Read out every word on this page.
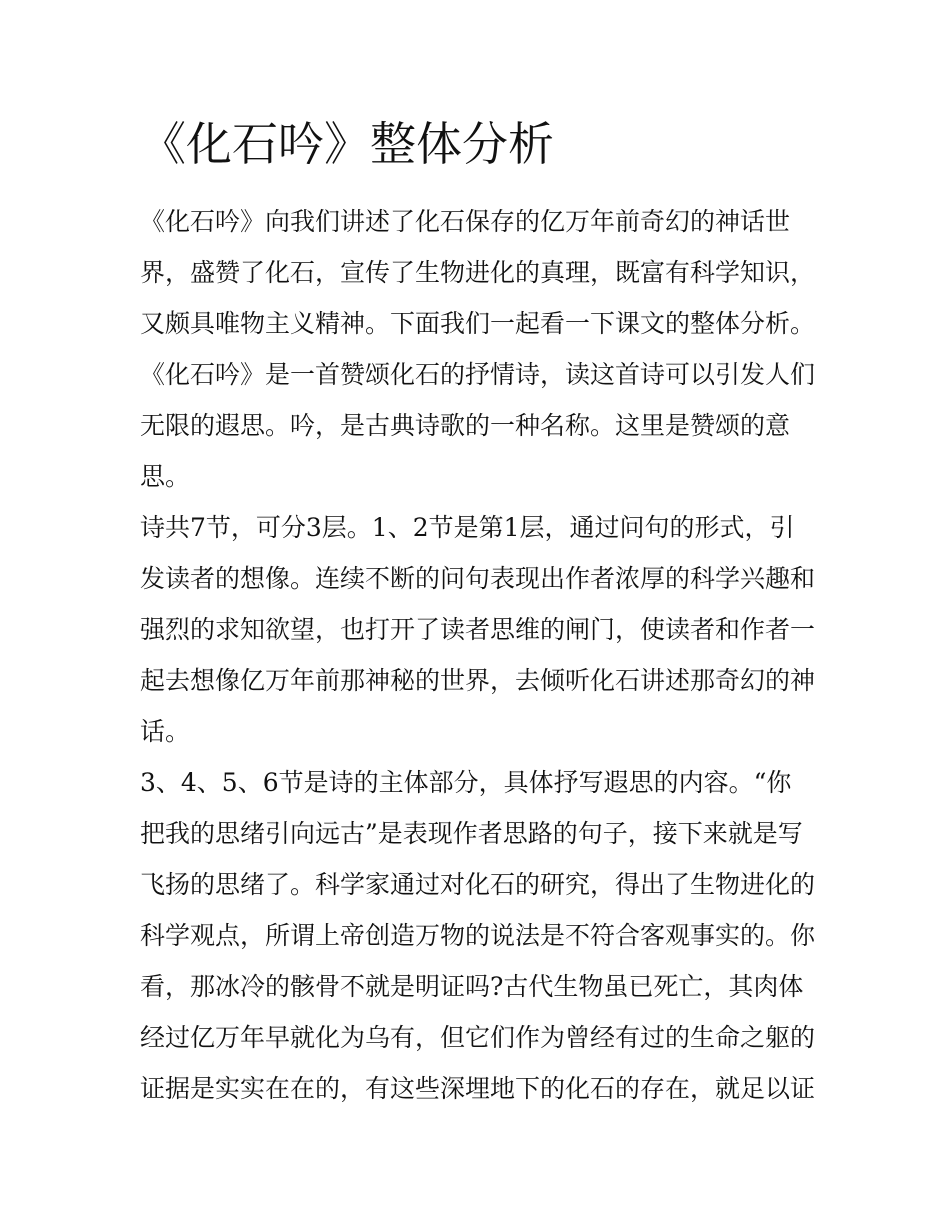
《化石吟》整体分析

《化石吟》向我们讲述了化石保存的亿万年前奇幻的神话世界，盛赞了化石，宣传了生物进化的真理，既富有科学知识，又颇具唯物主义精神。下面我们一起看一下课文的整体分析。

《化石吟》是一首赞颂化石的抒情诗，读这首诗可以引发人们无限的遐思。吟，是古典诗歌的一种名称。这里是赞颂的意思。

诗共7节，可分3层。1、2节是第1层，通过问句的形式，引发读者的想像。连续不断的问句表现出作者浓厚的科学兴趣和强烈的求知欲望，也打开了读者思维的闸门，使读者和作者一起去想像亿万年前那神秘的世界，去倾听化石讲述那奇幻的神话。

3、4、5、6节是诗的主体部分，具体抒写遐思的内容。“你把我的思绪引向远古”是表现作者思路的句子，接下来就是写飞扬的思绪了。科学家通过对化石的研究，得出了生物进化的科学观点，所谓上帝创造万物的说法是不符合客观事实的。你看，那冰冷的骸骨不就是明证吗?古代生物虽已死亡，其肉体经过亿万年早就化为乌有，但它们作为曾经有过的生命之躯的证据是实实在在的，有这些深埋地下的化石的存在，就足以证
